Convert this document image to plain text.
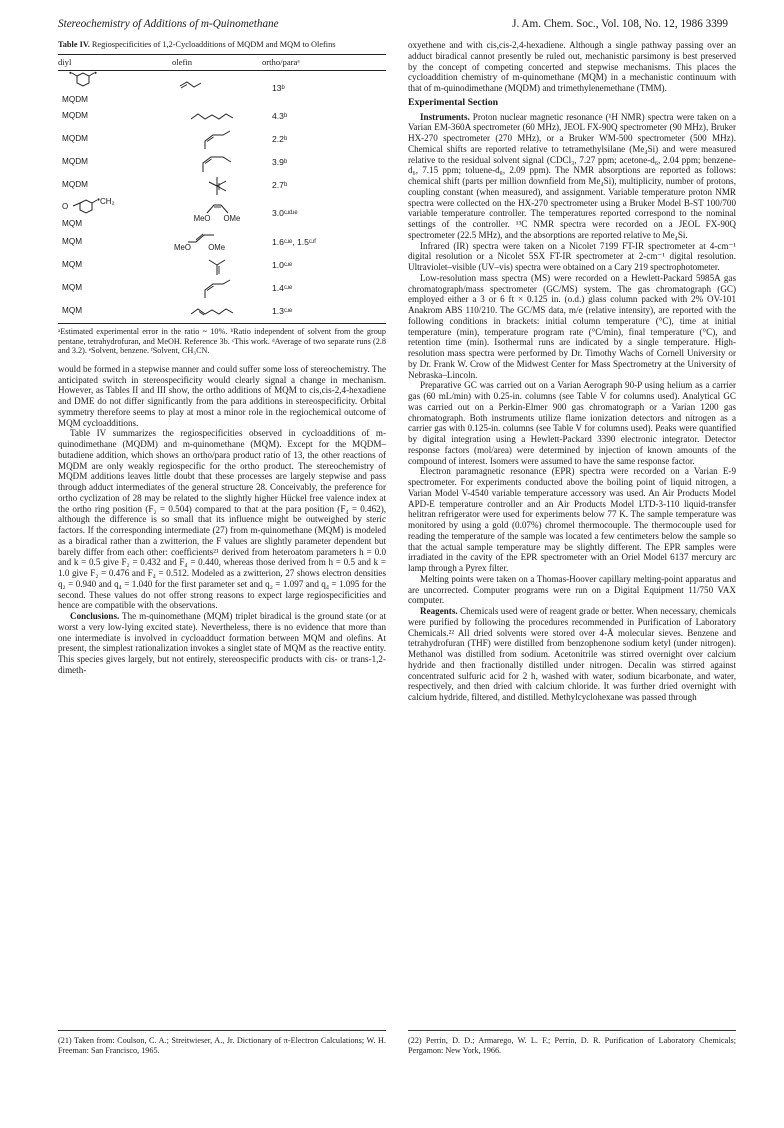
Stereochemistry of Additions of m-Quinomethane	J. Am. Chem. Soc., Vol. 108, No. 12, 1986 3399
Table IV. Regiospecificities of 1,2-Cycloadditions of MQDM and MQM to Olefins
diyl	olefin	ortho/paraᵃ

MQDM		13ᵇ
MQDM		4.3ᵇ
MQDM		2.2ᵇ
MQDM		3.9ᵇ
MQDM		2.7ᵇ

O
CH₂
MQM	MeO      OMe	3.0ᶜʴᵈʴᵉ
MQM	MeO        OMe	1.6ᶜʴᵉ, 1.5ᶜʴᶠ
MQM		1.0ᶜʴᵉ
MQM		1.4ᶜʴᵉ
MQM		1.3ᶜʴᵉ

ᵃEstimated experimental error in the ratio ~ 10%. ᵇRatio independent of solvent from the group pentane, tetrahydrofuran, and MeOH. Reference 3b. ᶜThis work. ᵈAverage of two separate runs (2.8 and 3.2). ᵉSolvent, benzene. ᶠSolvent, CH₃CN.

would be formed in a stepwise manner and could suffer some loss of stereochemistry. The anticipated switch in stereospecificity would clearly signal a change in mechanism. However, as Tables II and III show, the ortho additions of MQM to cis,cis-2,4-hexadiene and DME do not differ significantly from the para additions in stereospecificity. Orbital symmetry therefore seems to play at most a minor role in the regiochemical outcome of MQM cycloadditions.

Table IV summarizes the regiospecificities observed in cycloadditions of m-quinodimethane (MQDM) and m-quinomethane (MQM). Except for the MQDM–butadiene addition, which shows an ortho/para product ratio of 13, the other reactions of MQDM are only weakly regiospecific for the ortho product. The stereochemistry of MQDM additions leaves little doubt that these processes are largely stepwise and pass through adduct intermediates of the general structure 28. Conceivably, the preference for ortho cyclization of 28 may be related to the slightly higher Hückel free valence index at the ortho ring position (F₂ = 0.504) compared to that at the para position (F₄ = 0.462), although the difference is so small that its influence might be outweighed by steric factors. If the corresponding intermediate (27) from m-quinomethane (MQM) is modeled as a biradical rather than a zwitterion, the F values are slightly parameter dependent but barely differ from each other: coefficients²¹ derived from heteroatom parameters h = 0.0 and k = 0.5 give F₂ = 0.432 and F₄ = 0.440, whereas those derived from h = 0.5 and k = 1.0 give F₂ = 0.476 and F₄ = 0.512. Modeled as a zwitterion, 27 shows electron densities q₂ = 0.940 and q₄ = 1.040 for the first parameter set and q₂ = 1.097 and q₄ = 1.095 for the second. These values do not offer strong reasons to expect large regiospecificities and hence are compatible with the observations.

Conclusions. The m-quinomethane (MQM) triplet biradical is the ground state (or at worst a very low-lying excited state). Nevertheless, there is no evidence that more than one intermediate is involved in cycloadduct formation between MQM and olefins. At present, the simplest rationalization invokes a singlet state of MQM as the reactive entity. This species gives largely, but not entirely, stereospecific products with cis- or trans-1,2-dimeth-

oxyethene and with cis,cis-2,4-hexadiene. Although a single pathway passing over an adduct biradical cannot presently be ruled out, mechanistic parsimony is best preserved by the concept of competing concerted and stepwise mechanisms. This places the cycloaddition chemistry of m-quinomethane (MQM) in a mechanistic continuum with that of m-quinodimethane (MQDM) and trimethylenemethane (TMM).

Experimental Section

Instruments. Proton nuclear magnetic resonance (¹H NMR) spectra were taken on a Varian EM-360A spectrometer (60 MHz), JEOL FX-90Q spectrometer (90 MHz), Bruker HX-270 spectrometer (270 MHz), or a Bruker WM-500 spectrometer (500 MHz). Chemical shifts are reported relative to tetramethylsilane (Me₄Si) and were measured relative to the residual solvent signal (CDCl₃, 7.27 ppm; acetone-d₆, 2.04 ppm; benzene-d₆, 7.15 ppm; toluene-d₈, 2.09 ppm). The NMR absorptions are reported as follows: chemical shift (parts per million downfield from Me₄Si), multiplicity, number of protons, coupling constant (when measured), and assignment. Variable temperature proton NMR spectra were collected on the HX-270 spectrometer using a Bruker Model B-ST 100/700 variable temperature controller. The temperatures reported correspond to the nominal settings of the controller. ¹³C NMR spectra were recorded on a JEOL FX-90Q spectrometer (22.5 MHz), and the absorptions are reported relative to Me₄Si.

Infrared (IR) spectra were taken on a Nicolet 7199 FT-IR spectrometer at 4-cm⁻¹ digital resolution or a Nicolet 5SX FT-IR spectrometer at 2-cm⁻¹ digital resolution. Ultraviolet–visible (UV–vis) spectra were obtained on a Cary 219 spectrophotometer.

Low-resolution mass spectra (MS) were recorded on a Hewlett-Packard 5985A gas chromatograph/mass spectrometer (GC/MS) system. The gas chromatograph (GC) employed either a 3 or 6 ft × 0.125 in. (o.d.) glass column packed with 2% OV-101 Anakrom ABS 110/210. The GC/MS data, m/e (relative intensity), are reported with the following conditions in brackets: initial column temperature (°C), time at initial temperature (min), temperature program rate (°C/min), final temperature (°C), and retention time (min). Isothermal runs are indicated by a single temperature. High-resolution mass spectra were performed by Dr. Timothy Wachs of Cornell University or by Dr. Frank W. Crow of the Midwest Center for Mass Spectrometry at the University of Nebraska–Lincoln.

Preparative GC was carried out on a Varian Aerograph 90-P using helium as a carrier gas (60 mL/min) with 0.25-in. columns (see Table V for columns used). Analytical GC was carried out on a Perkin-Elmer 900 gas chromatograph or a Varian 1200 gas chromatograph. Both instruments utilize flame ionization detectors and nitrogen as a carrier gas with 0.125-in. columns (see Table V for columns used). Peaks were quantified by digital integration using a Hewlett-Packard 3390 electronic integrator. Detector response factors (mol/area) were determined by injection of known amounts of the compound of interest. Isomers were assumed to have the same response factor.

Electron paramagnetic resonance (EPR) spectra were recorded on a Varian E-9 spectrometer. For experiments conducted above the boiling point of liquid nitrogen, a Varian Model V-4540 variable temperature accessory was used. An Air Products Model APD-E temperature controller and an Air Products Model LTD-3-110 liquid-transfer helitran refrigerator were used for experiments below 77 K. The sample temperature was monitored by using a gold (0.07%) chromel thermocouple. The thermocouple used for reading the temperature of the sample was located a few centimeters below the sample so that the actual sample temperature may be slightly different. The EPR samples were irradiated in the cavity of the EPR spectrometer with an Oriel Model 6137 mercury arc lamp through a Pyrex filter.

Melting points were taken on a Thomas-Hoover capillary melting-point apparatus and are uncorrected. Computer programs were run on a Digital Equipment 11/750 VAX computer.

Reagents. Chemicals used were of reagent grade or better. When necessary, chemicals were purified by following the procedures recommended in Purification of Laboratory Chemicals.²² All dried solvents were stored over 4-Å molecular sieves. Benzene and tetrahydrofuran (THF) were distilled from benzophenone sodium ketyl (under nitrogen). Methanol was distilled from sodium. Acetonitrile was stirred overnight over calcium hydride and then fractionally distilled under nitrogen. Decalin was stirred against concentrated sulfuric acid for 2 h, washed with water, sodium bicarbonate, and water, respectively, and then dried with calcium chloride. It was further dried overnight with calcium hydride, filtered, and distilled. Methylcyclohexane was passed through

(21) Taken from: Coulson, C. A.; Streitwieser, A., Jr. Dictionary of π-Electron Calculations; W. H. Freeman: San Francisco, 1965.

(22) Perrin, D. D.; Armarego, W. L. F.; Perrin, D. R. Purification of Laboratory Chemicals; Pergamon: New York, 1966.
